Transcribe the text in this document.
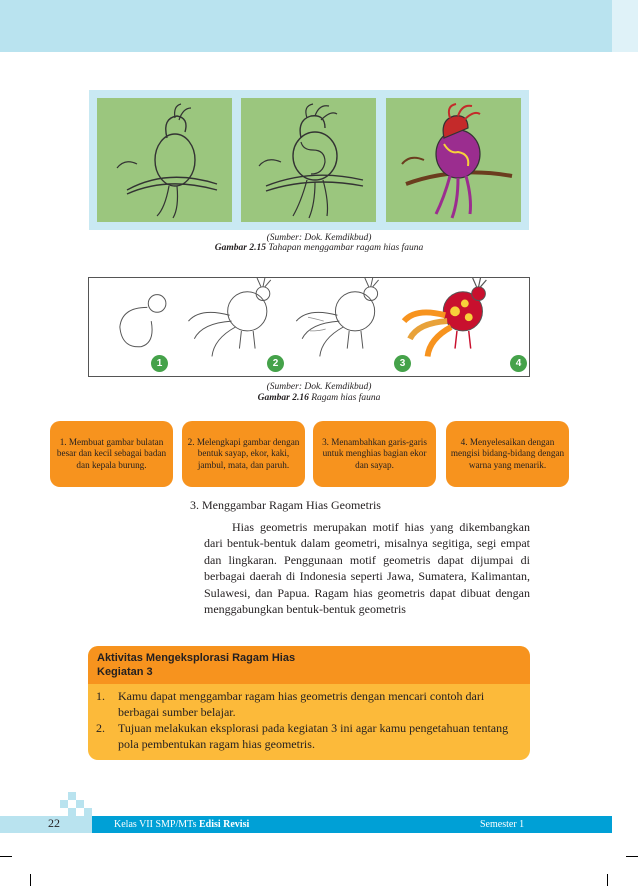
(Sumber: Dok. Kemdikbud)
Gambar 2.15 Tahapan menggambar ragam hias fauna
1	2	3	4
(Sumber: Dok. Kemdikbud)
Gambar 2.16 Ragam hias fauna
1. Membuat gambar bulatan besar dan kecil sebagai badan dan kepala burung.
2. Melengkapi gambar dengan bentuk sayap, ekor, kaki, jambul, mata, dan paruh.
3. Menambahkan garis-garis untuk menghias bagian ekor dan sayap.
4. Menyelesaikan dengan mengisi bidang-bidang dengan warna yang menarik.
3. Menggambar Ragam Hias Geometris

Hias geometris merupakan motif hias yang dikembangkan dari bentuk-bentuk dalam geometri, misalnya segitiga, segi empat dan lingkaran. Penggunaan motif geometris dapat dijumpai di berbagai daerah di Indonesia seperti Jawa, Sumatera, Kalimantan, Sulawesi, dan Papua. Ragam hias geometris dapat dibuat dengan menggabungkan bentuk-bentuk geometris

Aktivitas Mengeksplorasi Ragam Hias
Kegiatan 3
1. Kamu dapat menggambar ragam hias geometris dengan mencari contoh dari berbagai sumber belajar.
2. Tujuan melakukan eksplorasi pada kegiatan 3 ini agar kamu pengetahuan tentang pola pembentukan ragam hias geometris.
22	Kelas VII SMP/MTs Edisi Revisi	Semester 1
